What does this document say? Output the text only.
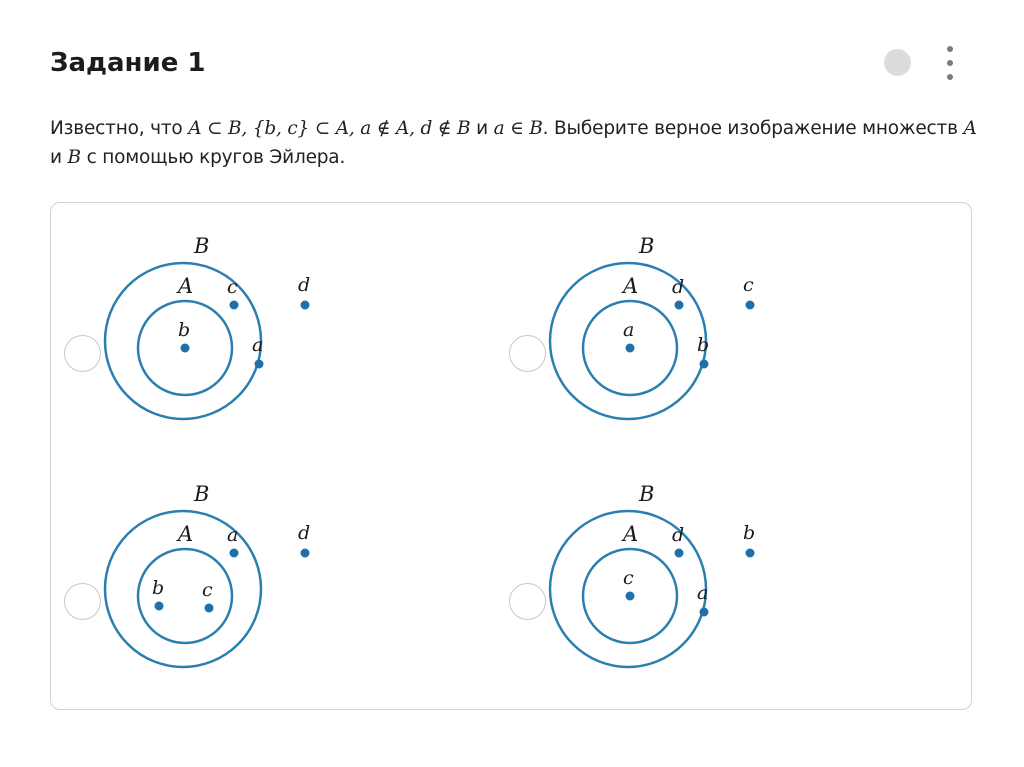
Задание 1
Известно, что A ⊂ B, {b, c} ⊂ A, a ∉ A, d ∉ B и a ∈ B. Выберите верное изображение множеств A и B с помощью кругов Эйлера.
B
A
b
c
a
d
B
A
a
d
b
c
B
A
b c
a	d
B
A
c
d
a
b
